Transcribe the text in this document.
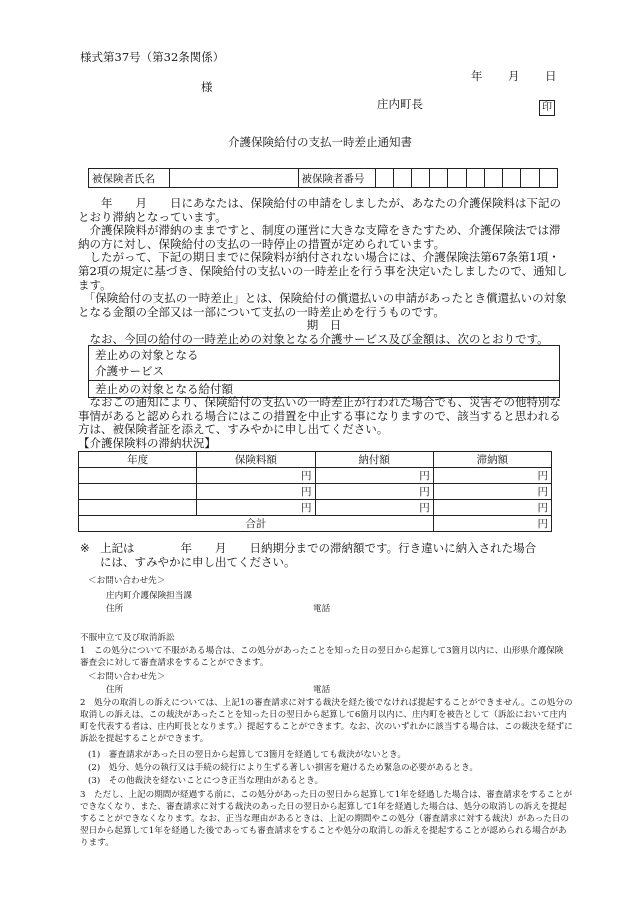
様式第37号（第32条関係）
年 月 日
様
庄内町長	印
介護保険給付の支払一時差止通知書
被保険者氏名		被保険者番号										

　　年　　月　　日にあなたは、保険給付の申請をしましたが、あなたの介護保険料は下記のとおり滞納となっています。

　介護保険料が滞納のままですと、制度の運営に大きな支障をきたすため、介護保険法では滞納の方に対し、保険給付の支払の一時停止の措置が定められています。

　したがって、下記の期日までに保険料が納付されない場合には、介護保険法第67条第1項・第2項の規定に基づき、保険給付の支払いの一時差止を行う事を決定いたしましたので、通知します。

　「保険給付の支払の一時差止」とは、保険給付の償還払いの申請があったとき償還払いの対象となる金額の全部又は一部について支払の一時差止めを行うものです。

期　日

　なお、今回の給付の一時差止めの対象となる介護サービス及び金額は、次のとおりです。

差止めの対象となる
介護サービス
差止めの対象となる給付額
　なおこの通知により、保険給付の支払いの一時差止が行われた場合でも、災害その他特別な事情があると認められる場合にはこの措置を中止する事になりますので、該当すると思われる方は、被保険者証を添えて、すみやかに申し出てください。
【介護保険料の滞納状況】
年度	保険料額	納付額	滞納額
	円	円	円
	円	円	円
	円	円	円
合計			円
※ 上記は　　　　年　　月　　日納期分までの滞納額です。行き違いに納入された場合
には、すみやかに申し出てください。
＜お問い合わせ先＞
庄内町介護保険担当課
住所	電話
不服申立て及び取消訴訟
1　この処分について不服がある場合は、この処分があったことを知った日の翌日から起算して3箇月以内に、山形県介護保険審査会に対して審査請求をすることができます。
＜お問い合わせ先＞
住所	電話
2　処分の取消しの訴えについては、上記1の審査請求に対する裁決を経た後でなければ提起することができません。この処分の取消しの訴えは、この裁決があったことを知った日の翌日から起算して6箇月以内に、庄内町を被告として（訴訟において庄内町を代表する者は、庄内町長となります。）提起することができます。なお、次のいずれかに該当する場合は、この裁決を経ずに訴訟を提起することができます。
(1)　審査請求があった日の翌日から起算して3箇月を経過しても裁決がないとき。
(2)　処分、処分の執行又は手続の続行により生ずる著しい損害を避けるため緊急の必要があるとき。
(3)　その他裁決を経ないことにつき正当な理由があるとき。
3　ただし、上記の期間が経過する前に、この処分があった日の翌日から起算して1年を経過した場合は、審査請求をすることができなくなり、また、審査請求に対する裁決のあった日の翌日から起算して1年を経過した場合は、処分の取消しの訴えを提起することができなくなります。なお、正当な理由があるときは、上記の期間やこの処分（審査請求に対する裁決）があった日の翌日から起算して1年を経過した後であっても審査請求をすることや処分の取消しの訴えを提起することが認められる場合があります。
